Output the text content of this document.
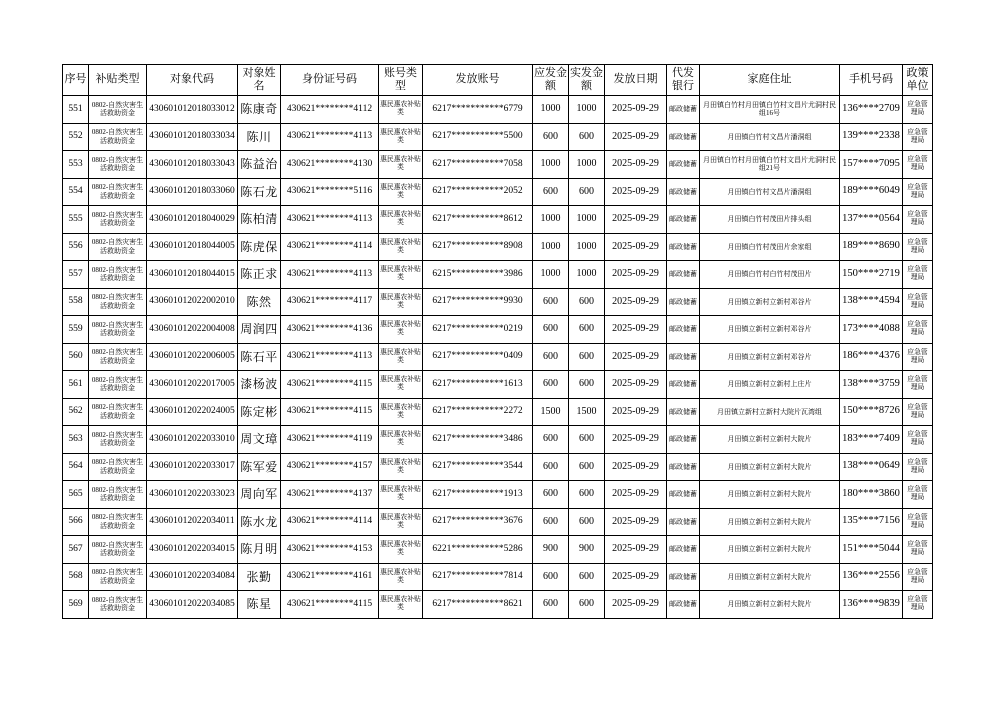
序号	补贴类型	对象代码	对象姓名	身份证号码	账号类型	发放账号	应发金额	实发金额	发放日期	代发银行	家庭住址	手机号码	政策单位
551	0802-自然灾害生活救助资金	430601012018033012	陈康奇	430621********4112	惠民惠农补贴类	6217***********6779	1000	1000	2025-09-29	邮政储蓄	月田镇白竹村月田镇白竹村文昌片尤洞村民组16号	136****2709	应急管理局
552	0802-自然灾害生活救助资金	430601012018033034	陈川	430621********4113	惠民惠农补贴类	6217***********5500	600	600	2025-09-29	邮政储蓄	月田镇白竹村文昌片潘洞组	139****2338	应急管理局
553	0802-自然灾害生活救助资金	430601012018033043	陈益治	430621********4130	惠民惠农补贴类	6217***********7058	1000	1000	2025-09-29	邮政储蓄	月田镇白竹村月田镇白竹村文昌片尤洞村民组21号	157****7095	应急管理局
554	0802-自然灾害生活救助资金	430601012018033060	陈石龙	430621********5116	惠民惠农补贴类	6217***********2052	600	600	2025-09-29	邮政储蓄	月田镇白竹村文昌片潘洞组	189****6049	应急管理局
555	0802-自然灾害生活救助资金	430601012018040029	陈柏清	430621********4113	惠民惠农补贴类	6217***********8612	1000	1000	2025-09-29	邮政储蓄	月田镇白竹村茂田片排头组	137****0564	应急管理局
556	0802-自然灾害生活救助资金	430601012018044005	陈虎保	430621********4114	惠民惠农补贴类	6217***********8908	1000	1000	2025-09-29	邮政储蓄	月田镇白竹村茂田片余家组	189****8690	应急管理局
557	0802-自然灾害生活救助资金	430601012018044015	陈正求	430621********4113	惠民惠农补贴类	6215***********3986	1000	1000	2025-09-29	邮政储蓄	月田镇白竹村白竹村茂田片	150****2719	应急管理局
558	0802-自然灾害生活救助资金	430601012022002010	陈然	430621********4117	惠民惠农补贴类	6217***********9930	600	600	2025-09-29	邮政储蓄	月田镇立新村立新村邓谷片	138****4594	应急管理局
559	0802-自然灾害生活救助资金	430601012022004008	周润四	430621********4136	惠民惠农补贴类	6217***********0219	600	600	2025-09-29	邮政储蓄	月田镇立新村立新村邓谷片	173****4088	应急管理局
560	0802-自然灾害生活救助资金	430601012022006005	陈石平	430621********4113	惠民惠农补贴类	6217***********0409	600	600	2025-09-29	邮政储蓄	月田镇立新村立新村邓谷片	186****4376	应急管理局
561	0802-自然灾害生活救助资金	430601012022017005	漆杨波	430621********4115	惠民惠农补贴类	6217***********1613	600	600	2025-09-29	邮政储蓄	月田镇立新村立新村上庄片	138****3759	应急管理局
562	0802-自然灾害生活救助资金	430601012022024005	陈定彬	430621********4115	惠民惠农补贴类	6217***********2272	1500	1500	2025-09-29	邮政储蓄	月田镇立新村立新村大院片瓦湾组	150****8726	应急管理局
563	0802-自然灾害生活救助资金	430601012022033010	周文璋	430621********4119	惠民惠农补贴类	6217***********3486	600	600	2025-09-29	邮政储蓄	月田镇立新村立新村大院片	183****7409	应急管理局
564	0802-自然灾害生活救助资金	430601012022033017	陈军爱	430621********4157	惠民惠农补贴类	6217***********3544	600	600	2025-09-29	邮政储蓄	月田镇立新村立新村大院片	138****0649	应急管理局
565	0802-自然灾害生活救助资金	430601012022033023	周向军	430621********4137	惠民惠农补贴类	6217***********1913	600	600	2025-09-29	邮政储蓄	月田镇立新村立新村大院片	180****3860	应急管理局
566	0802-自然灾害生活救助资金	430601012022034011	陈水龙	430621********4114	惠民惠农补贴类	6217***********3676	600	600	2025-09-29	邮政储蓄	月田镇立新村立新村大院片	135****7156	应急管理局
567	0802-自然灾害生活救助资金	430601012022034015	陈月明	430621********4153	惠民惠农补贴类	6221***********5286	900	900	2025-09-29	邮政储蓄	月田镇立新村立新村大院片	151****5044	应急管理局
568	0802-自然灾害生活救助资金	430601012022034084	张勤	430621********4161	惠民惠农补贴类	6217***********7814	600	600	2025-09-29	邮政储蓄	月田镇立新村立新村大院片	136****2556	应急管理局
569	0802-自然灾害生活救助资金	430601012022034085	陈星	430621********4115	惠民惠农补贴类	6217***********8621	600	600	2025-09-29	邮政储蓄	月田镇立新村立新村大院片	136****9839	应急管理局
